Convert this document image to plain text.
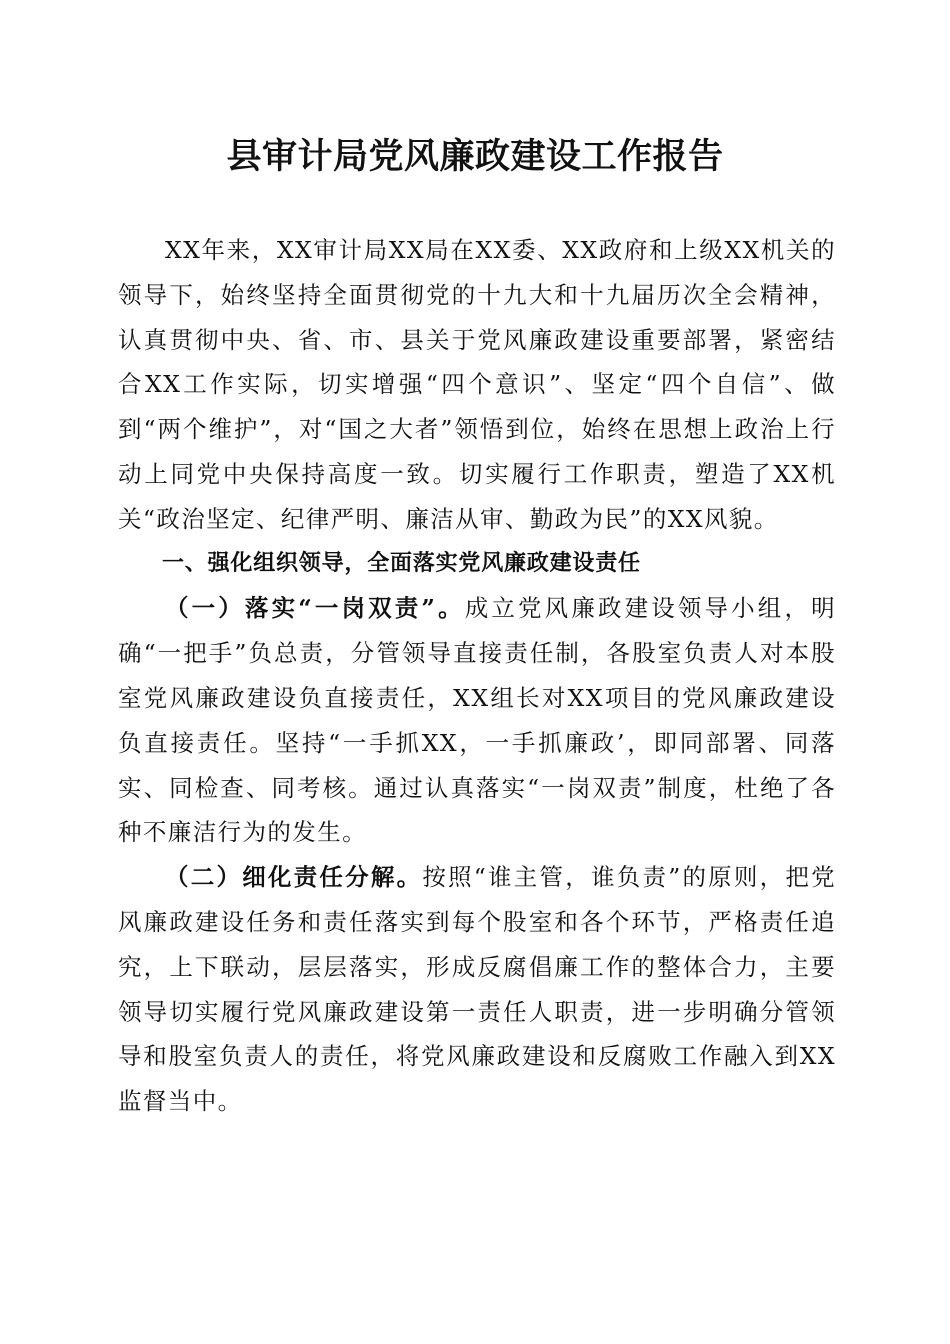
县审计局党风廉政建设工作报告

XX年来，XX审计局XX局在XX委、XX政府和上级XX机关的领导下，始终坚持全面贯彻党的十九大和十九届历次全会精神，认真贯彻中央、省、市、县关于党风廉政建设重要部署，紧密结合XX工作实际，切实增强“四个意识”、坚定“四个自信”、做到“两个维护”，对“国之大者”领悟到位，始终在思想上政治上行动上同党中央保持高度一致。切实履行工作职责，塑造了XX机关“政治坚定、纪律严明、廉洁从审、勤政为民”的XX风貌。

一、强化组织领导，全面落实党风廉政建设责任

（一）落实“一岗双责”。成立党风廉政建设领导小组，明确“一把手”负总责，分管领导直接责任制，各股室负责人对本股室党风廉政建设负直接责任，XX组长对XX项目的党风廉政建设负直接责任。坚持“一手抓XX，一手抓廉政’，即同部署、同落实、同检查、同考核。通过认真落实“一岗双责”制度，杜绝了各种不廉洁行为的发生。

（二）细化责任分解。按照“谁主管，谁负责”的原则，把党风廉政建设任务和责任落实到每个股室和各个环节，严格责任追究，上下联动，层层落实，形成反腐倡廉工作的整体合力，主要领导切实履行党风廉政建设第一责任人职责，进一步明确分管领导和股室负责人的责任，将党风廉政建设和反腐败工作融入到XX监督当中。
